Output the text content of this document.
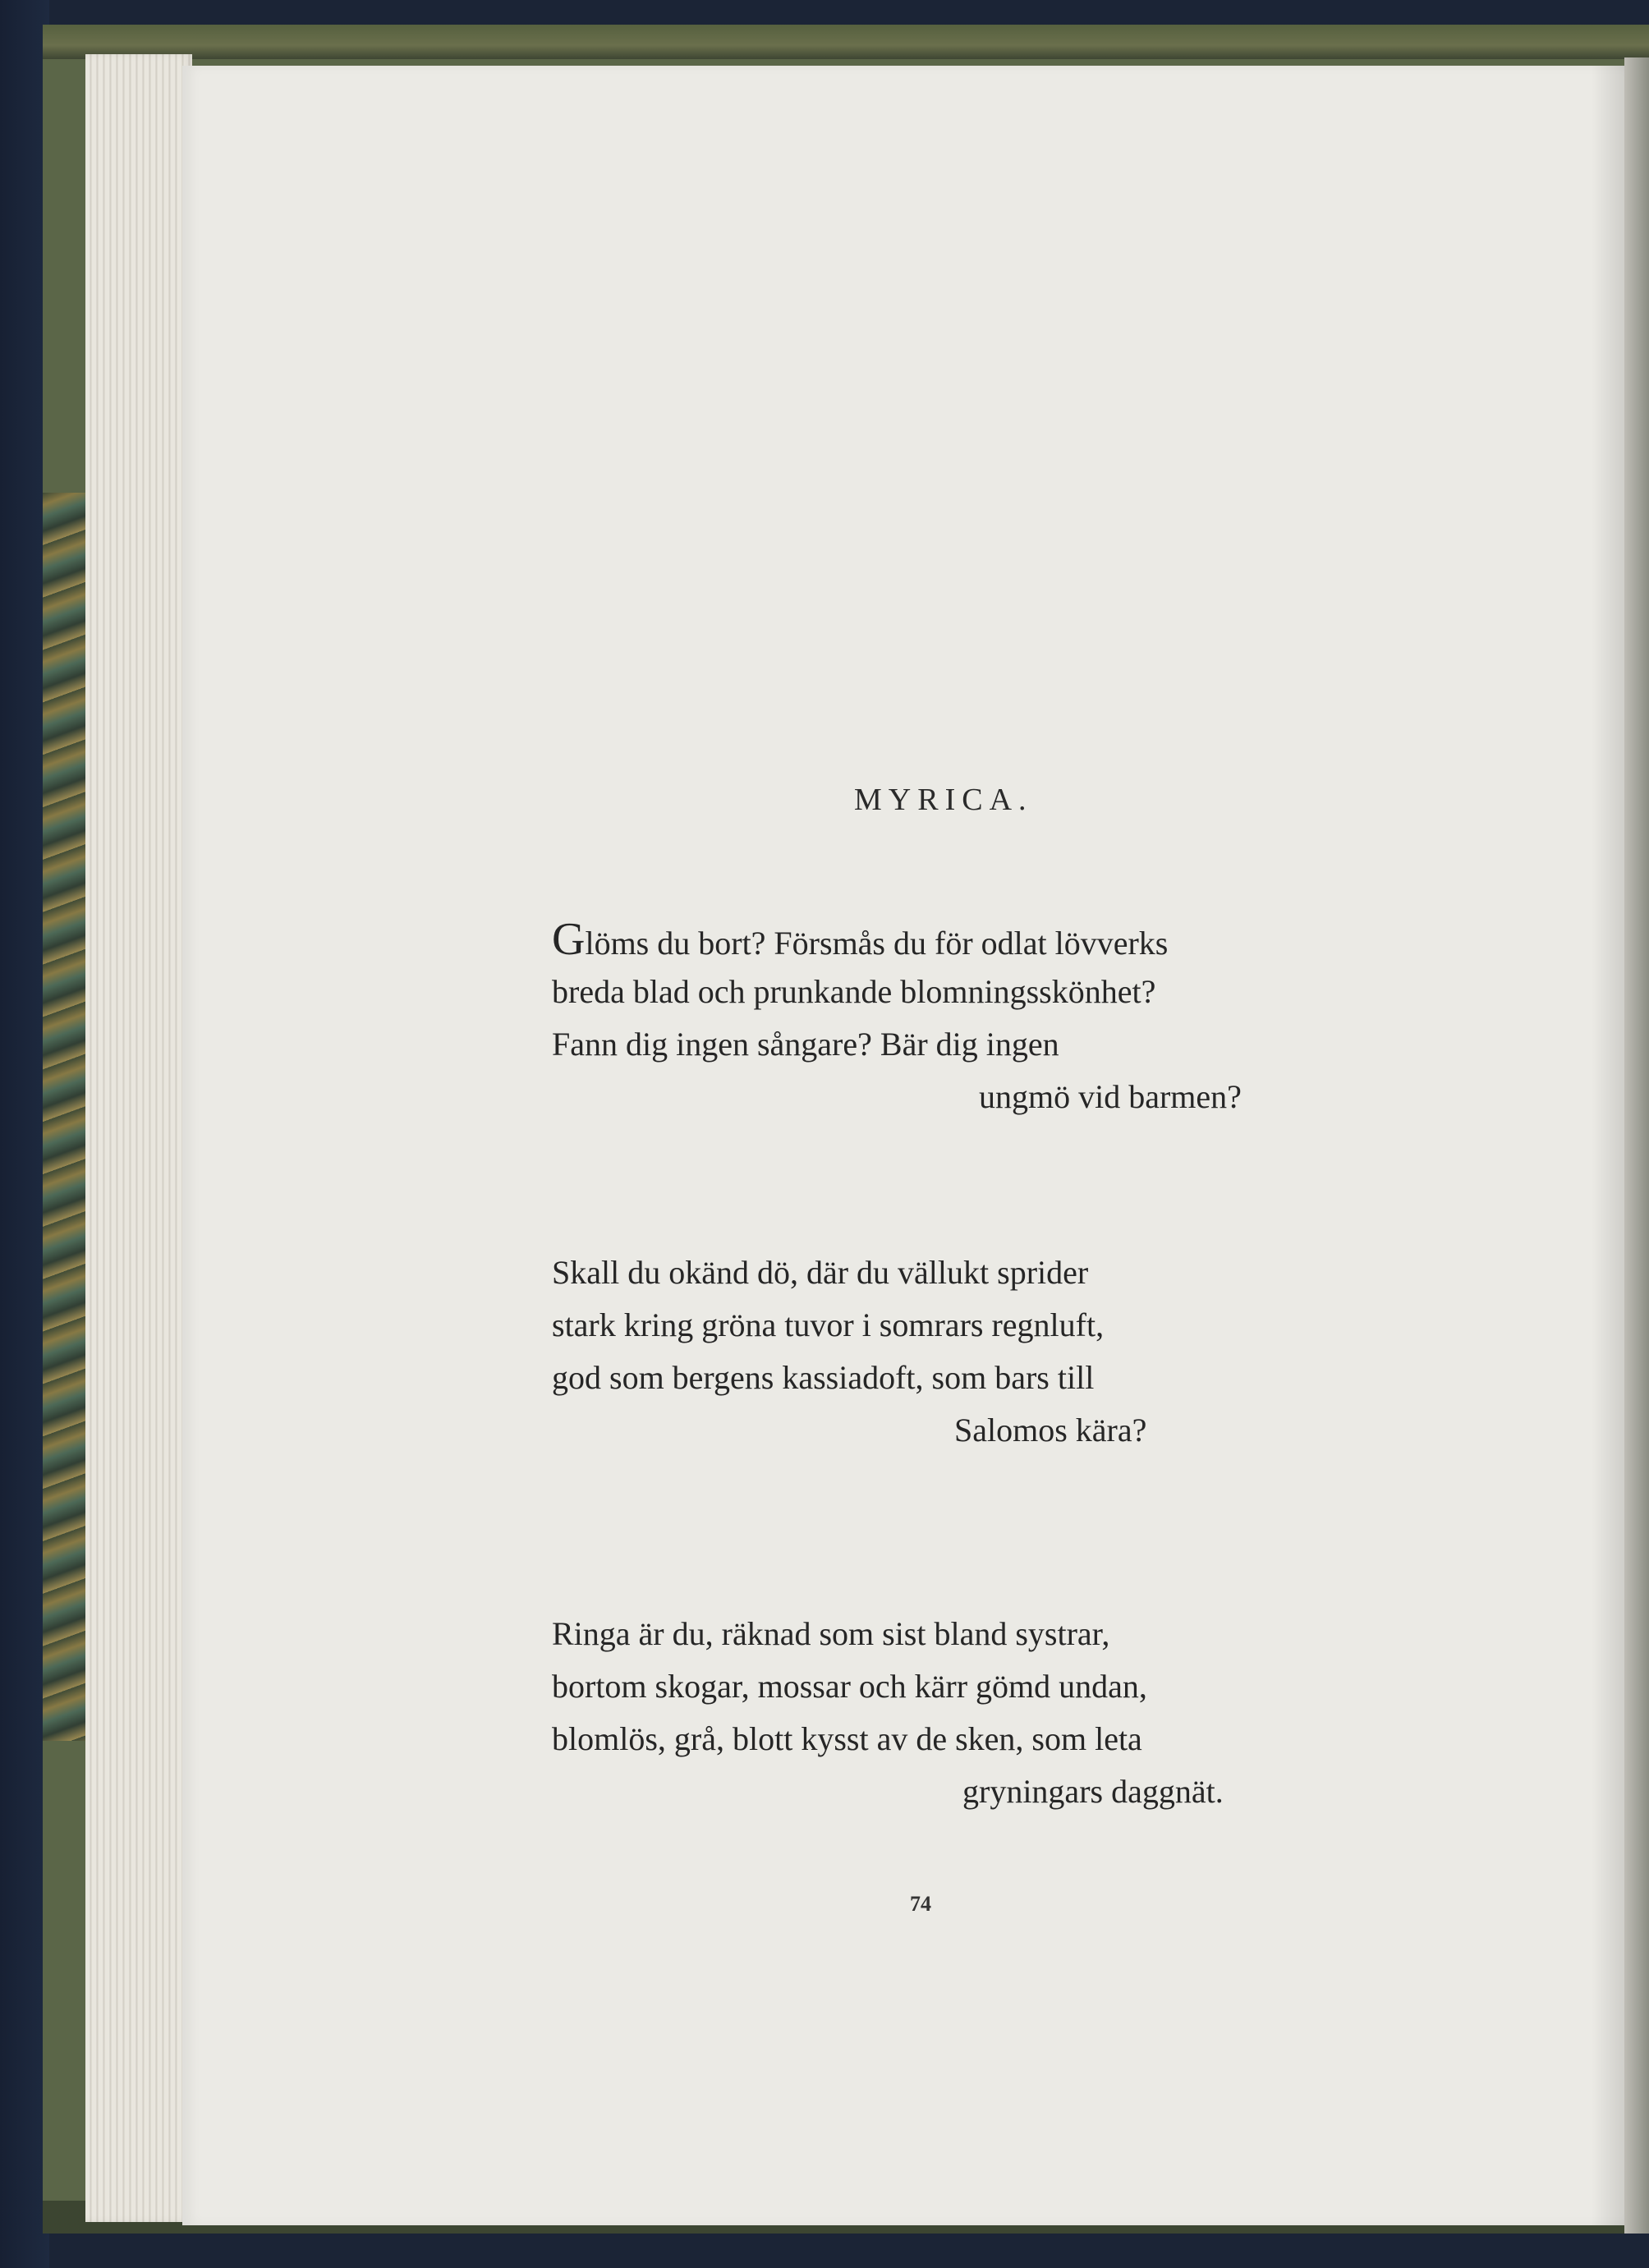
MYRICA.
Glöms du bort? Försmås du för odlat lövverks
breda blad och prunkande blomningsskönhet?
Fann dig ingen sångare? Bär dig ingen
ungmö vid barmen?
Skall du okänd dö, där du vällukt sprider
stark kring gröna tuvor i somrars regnluft,
god som bergens kassiadoft, som bars till
Salomos kära?
Ringa är du, räknad som sist bland systrar,
bortom skogar, mossar och kärr gömd undan,
blomlös, grå, blott kysst av de sken, som leta
gryningars daggnät.
74
